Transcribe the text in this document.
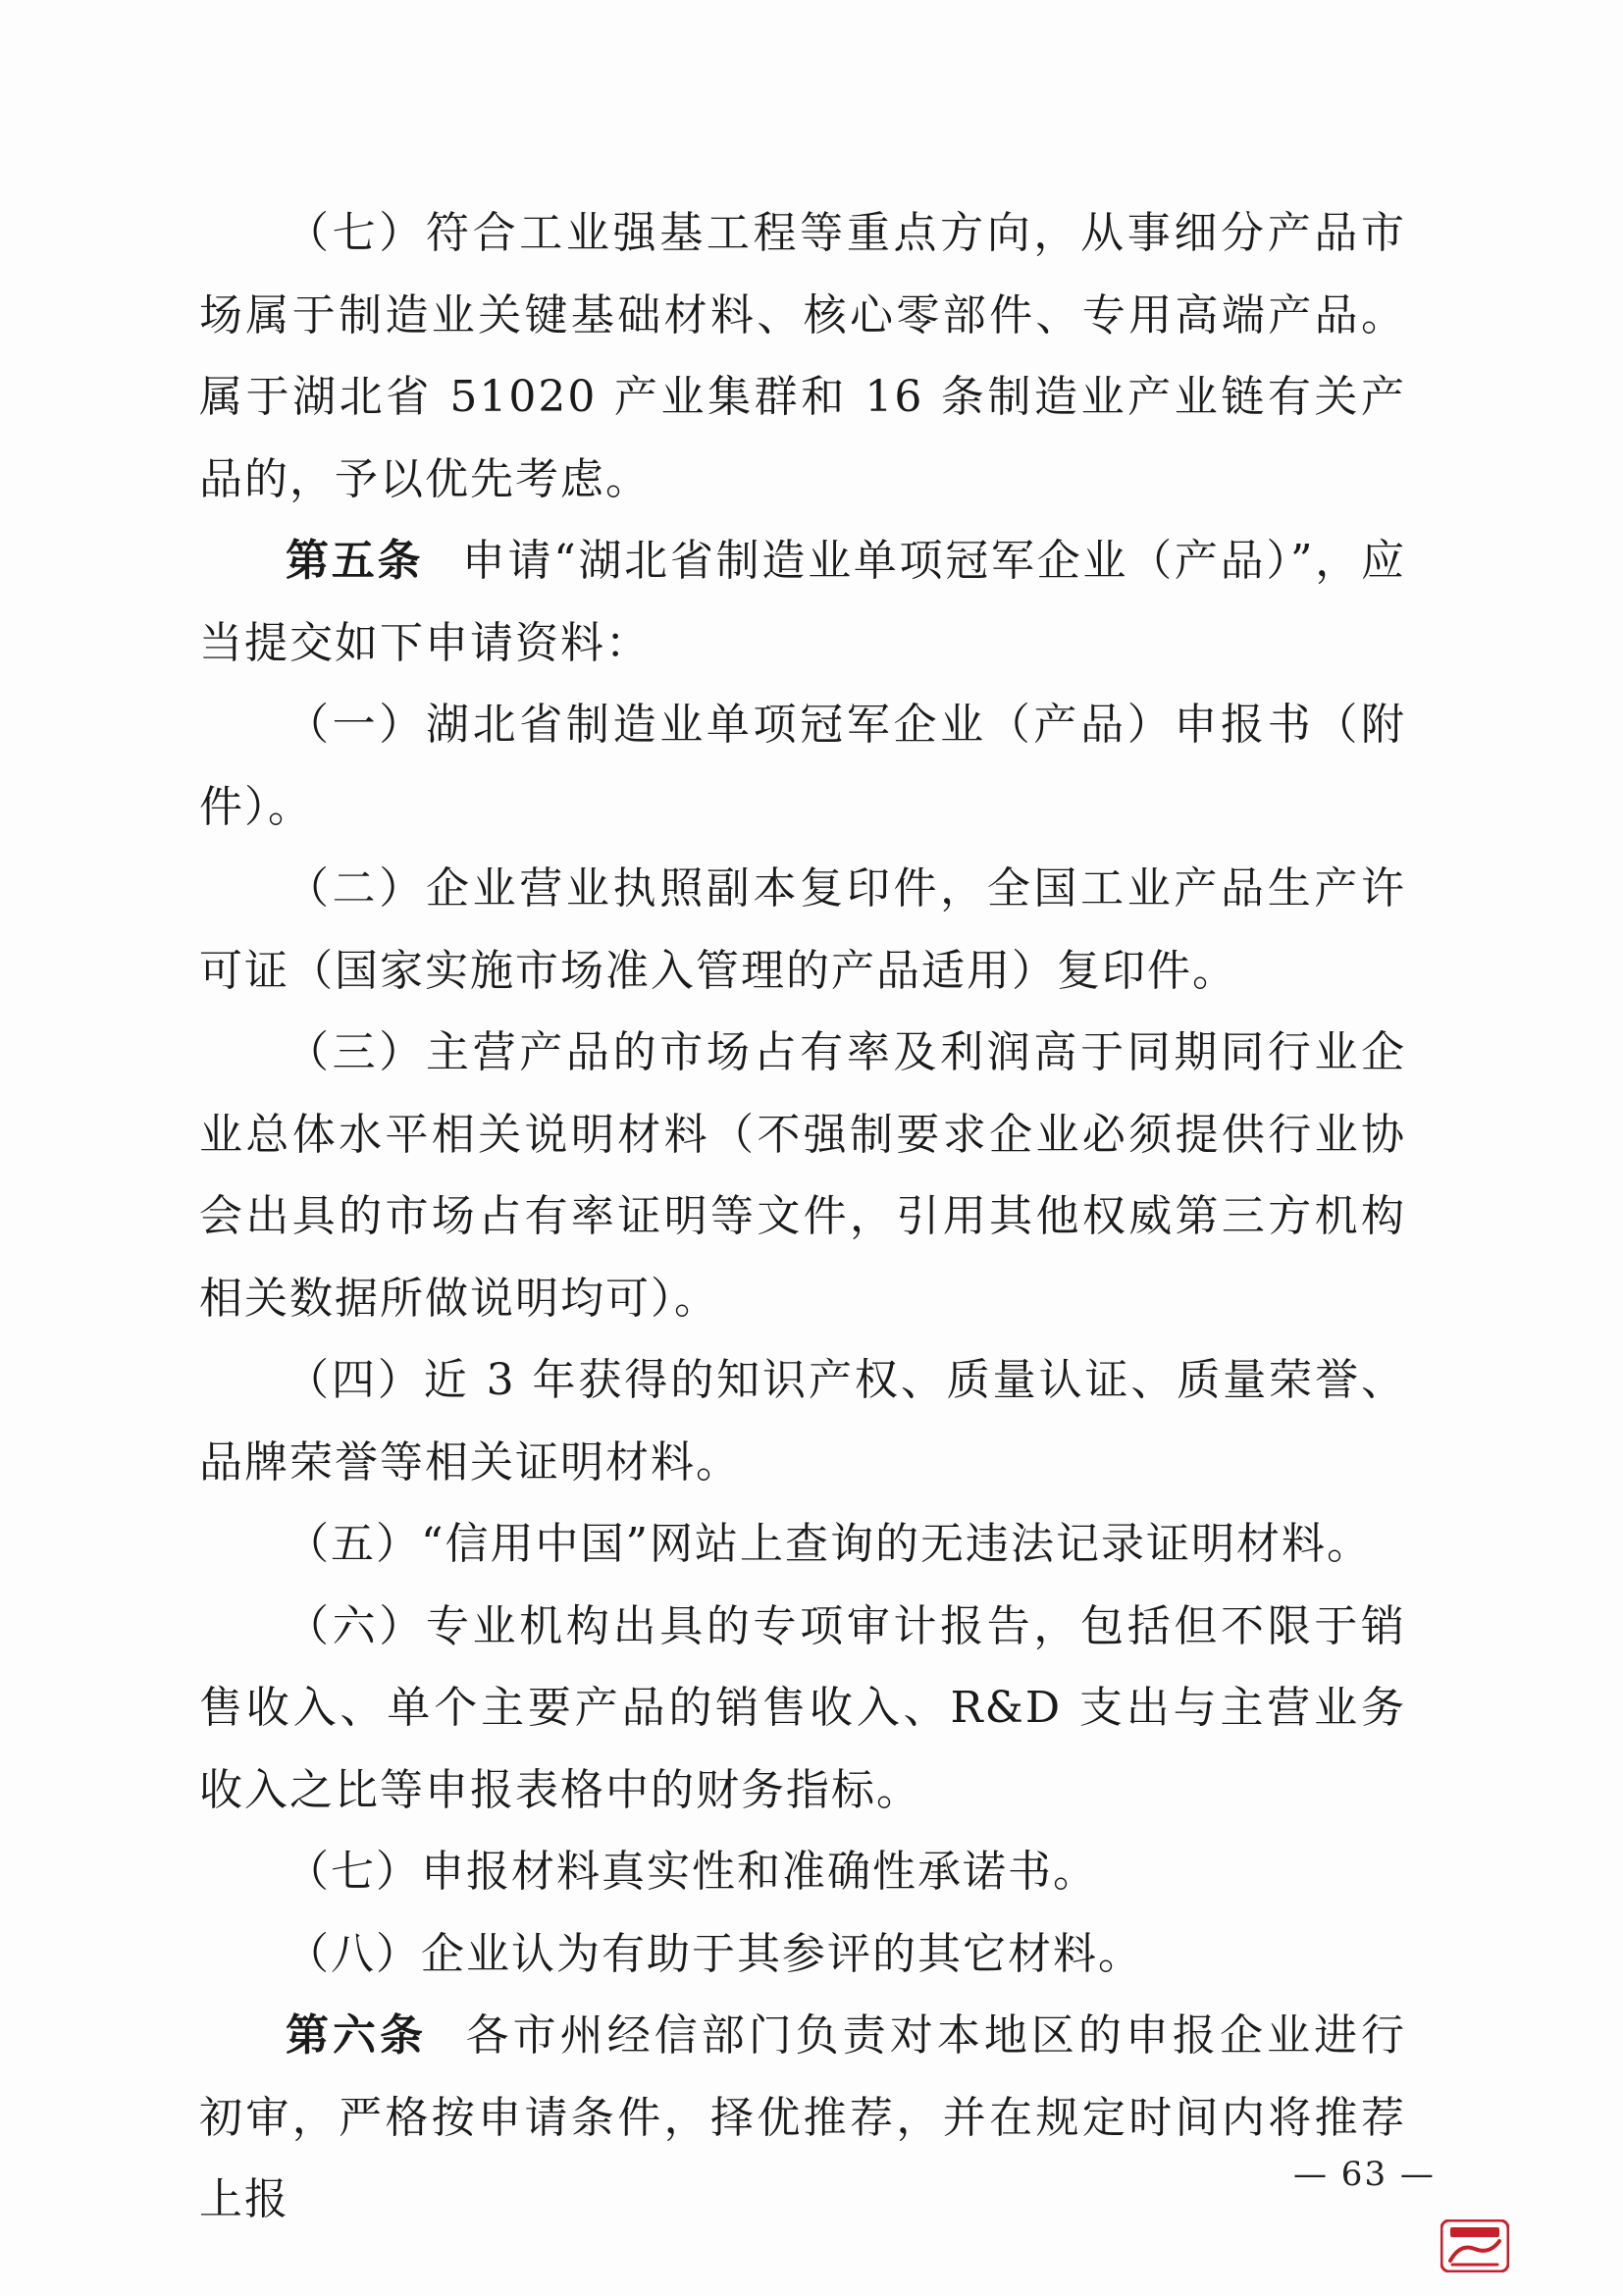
（七）符合工业强基工程等重点方向，从事细分产品市场属于制造业关键基础材料、核心零部件、专用高端产品。属于湖北省 51020 产业集群和 16 条制造业产业链有关产品的，予以优先考虑。

第五条 申请“湖北省制造业单项冠军企业（产品）”，应当提交如下申请资料：

（一）湖北省制造业单项冠军企业（产品）申报书（附件）。

（二）企业营业执照副本复印件，全国工业产品生产许可证（国家实施市场准入管理的产品适用）复印件。

（三）主营产品的市场占有率及利润高于同期同行业企业总体水平相关说明材料（不强制要求企业必须提供行业协会出具的市场占有率证明等文件，引用其他权威第三方机构相关数据所做说明均可）。

（四）近 3 年获得的知识产权、质量认证、质量荣誉、品牌荣誉等相关证明材料。

（五）“信用中国”网站上查询的无违法记录证明材料。

（六）专业机构出具的专项审计报告，包括但不限于销售收入、单个主要产品的销售收入、R&D 支出与主营业务收入之比等申报表格中的财务指标。

（七）申报材料真实性和准确性承诺书。

（八）企业认为有助于其参评的其它材料。

第六条 各市州经信部门负责对本地区的申报企业进行初审，严格按申请条件，择优推荐，并在规定时间内将推荐上报	— 63 —
